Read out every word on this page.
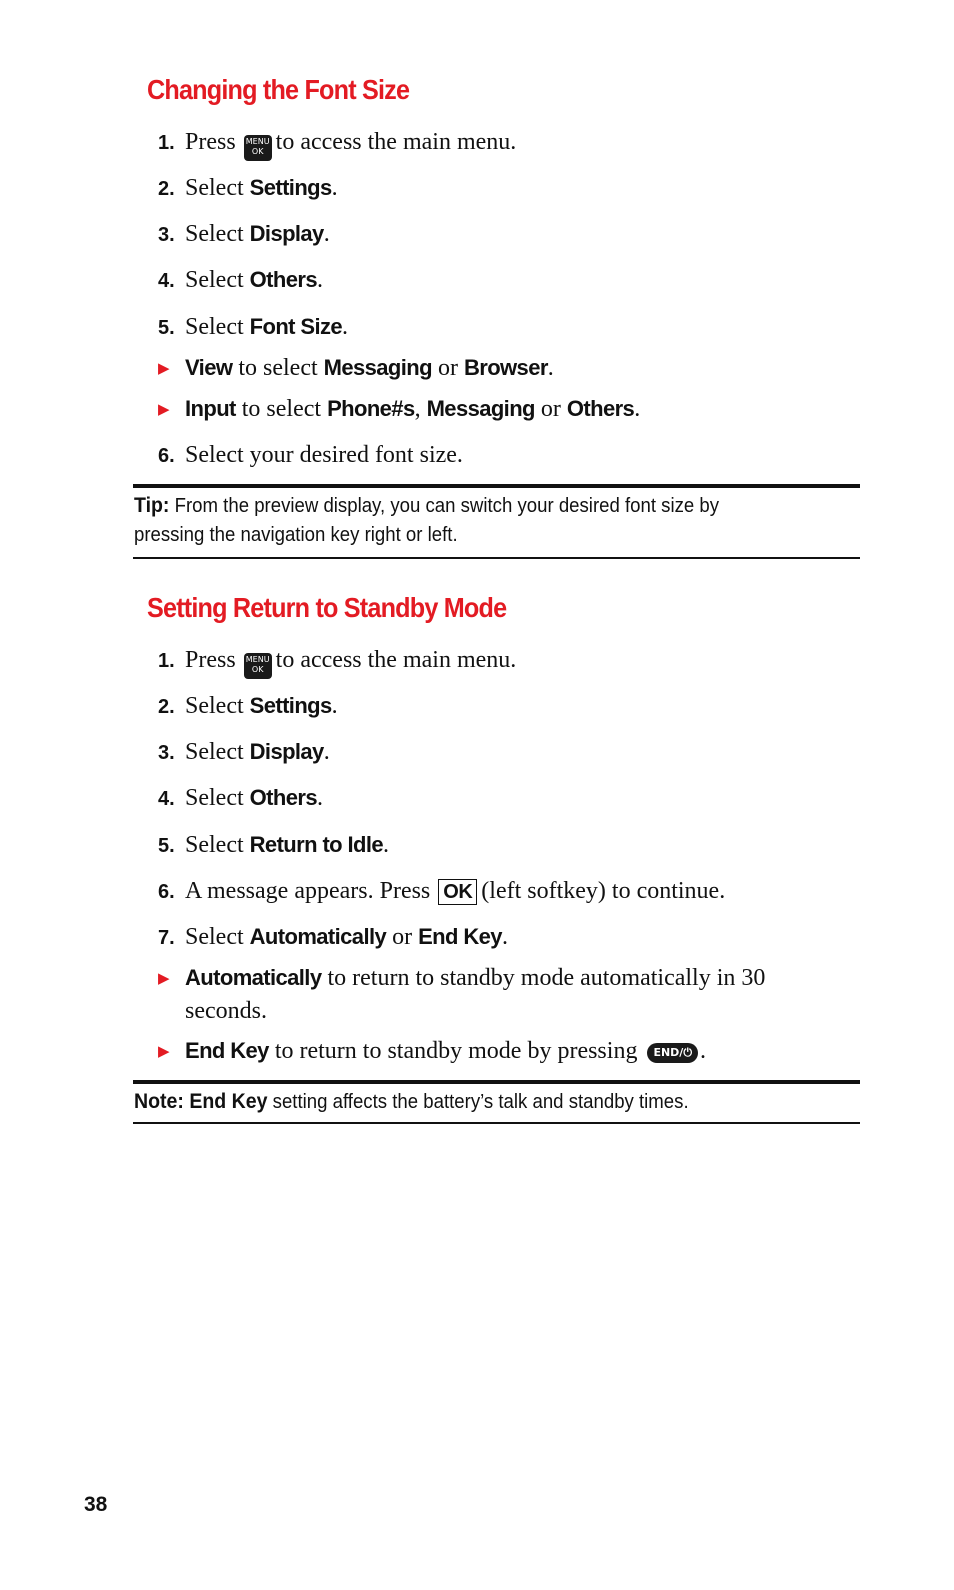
Changing the Font Size
1. Press MENU
OK to access the main menu.
2. Select Settings.
3. Select Display.
4. Select Others.
5. Select Font Size.
▶ View to select Messaging or Browser.
▶ Input to select Phone#s, Messaging or Others.
6. Select your desired font size.
Tip: From the preview display, you can switch your desired font size by
pressing the navigation key right or left.
Setting Return to Standby Mode
1. Press MENU
OK to access the main menu.
2. Select Settings.
3. Select Display.
4. Select Others.
5. Select Return to Idle.
6. A message appears. Press OK (left softkey) to continue.
7. Select Automatically or End Key.
▶ Automatically to return to standby mode automatically in 30
seconds.
▶ End Key to return to standby mode by pressing END/⏻ .
Note: End Key setting affects the battery’s talk and standby times.
38
